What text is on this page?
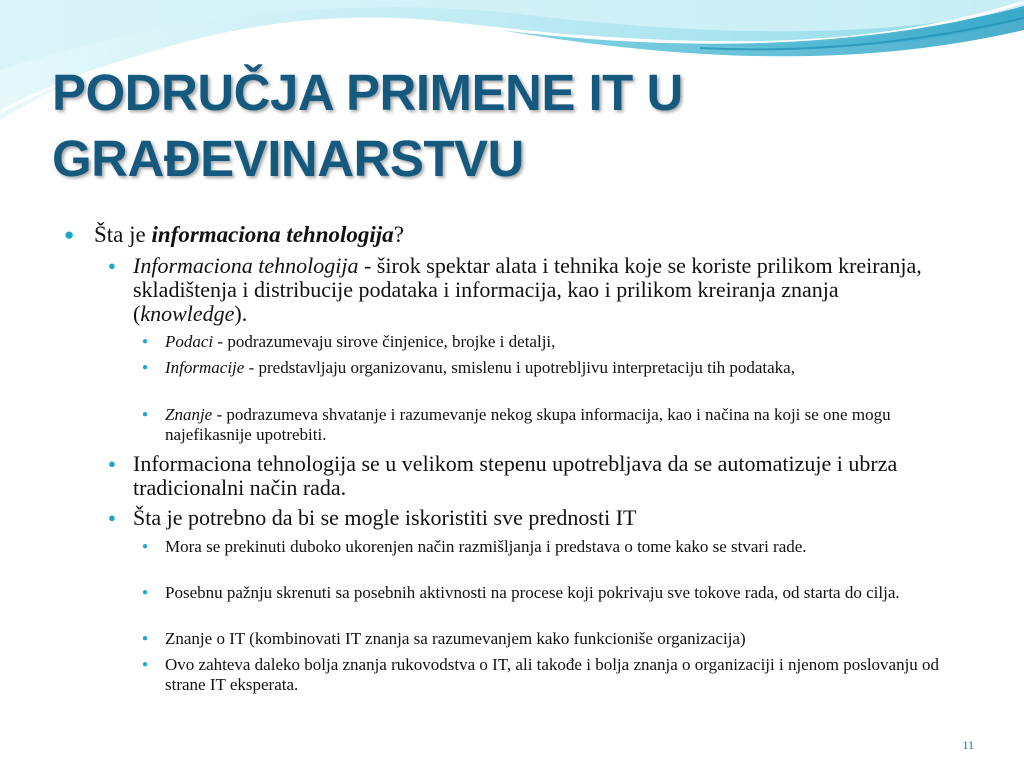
PODRUČJA PRIMENE IT U
GRAĐEVINARSTVU
● Šta je informaciona tehnologija?
● Informaciona tehnologija - širok spektar alata i tehnika koje se koriste prilikom kreiranja, skladištenja i distribucije podataka i informacija, kao i prilikom kreiranja znanja (knowledge).
● Podaci - podrazumevaju sirove činjenice, brojke i detalji,
● Informacije - predstavljaju organizovanu, smislenu i upotrebljivu interpretaciju tih podataka,
● Znanje - podrazumeva shvatanje i razumevanje nekog skupa informacija, kao i načina na koji se one mogu najefikasnije upotrebiti.
● Informaciona tehnologija se u velikom stepenu upotrebljava da se automatizuje i ubrza tradicionalni način rada.
● Šta je potrebno da bi se mogle iskoristiti sve prednosti IT
● Mora se prekinuti duboko ukorenjen način razmišljanja i predstava o tome kako se stvari rade.
● Posebnu pažnju skrenuti sa posebnih aktivnosti na procese koji pokrivaju sve tokove rada, od starta do cilja.
● Znanje o IT (kombinovati IT znanja sa razumevanjem kako funkcioniše organizacija)
● Ovo zahteva daleko bolja znanja rukovodstva o IT, ali takođe i bolja znanja o organizaciji i njenom poslovanju od strane IT eksperata.
11
